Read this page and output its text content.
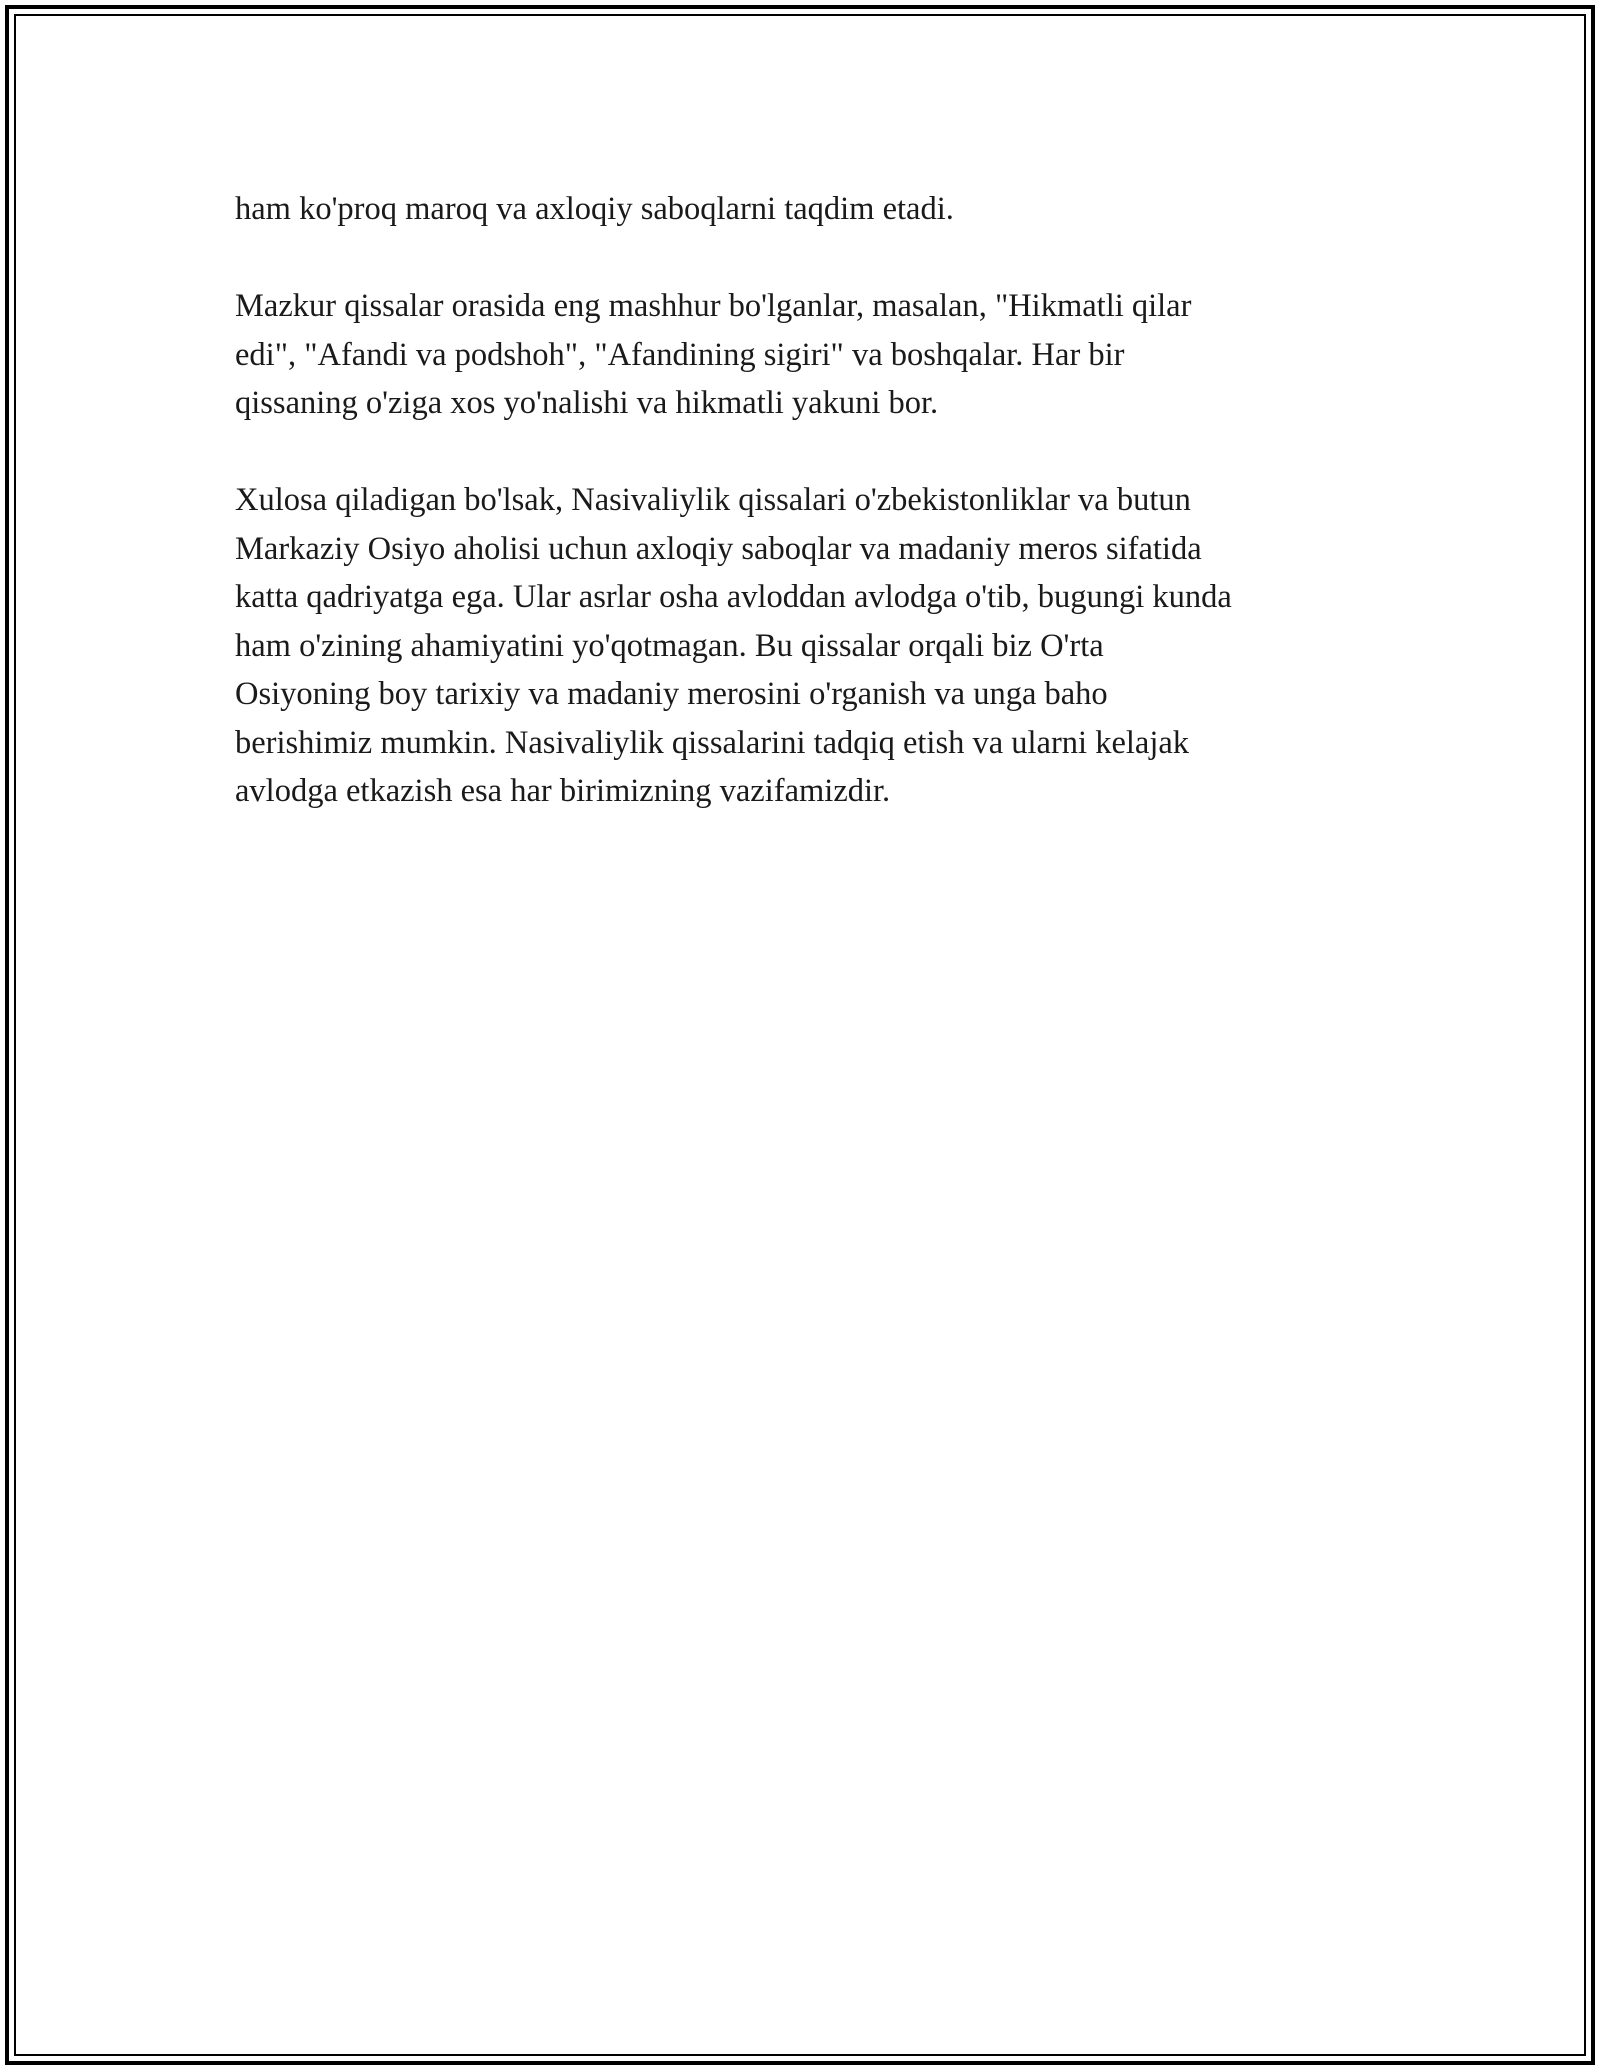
ham ko'proq maroq va axloqiy saboqlarni taqdim etadi.

Mazkur qissalar orasida eng mashhur bo'lganlar, masalan, "Hikmatli qilar
edi", "Afandi va podshoh", "Afandining sigiri" va boshqalar. Har bir
qissaning o'ziga xos yo'nalishi va hikmatli yakuni bor.

Xulosa qiladigan bo'lsak, Nasivaliylik qissalari o'zbekistonliklar va butun
Markaziy Osiyo aholisi uchun axloqiy saboqlar va madaniy meros sifatida
katta qadriyatga ega. Ular asrlar osha avloddan avlodga o'tib, bugungi kunda
ham o'zining ahamiyatini yo'qotmagan. Bu qissalar orqali biz O'rta
Osiyoning boy tarixiy va madaniy merosini o'rganish va unga baho
berishimiz mumkin. Nasivaliylik qissalarini tadqiq etish va ularni kelajak
avlodga etkazish esa har birimizning vazifamizdir.
